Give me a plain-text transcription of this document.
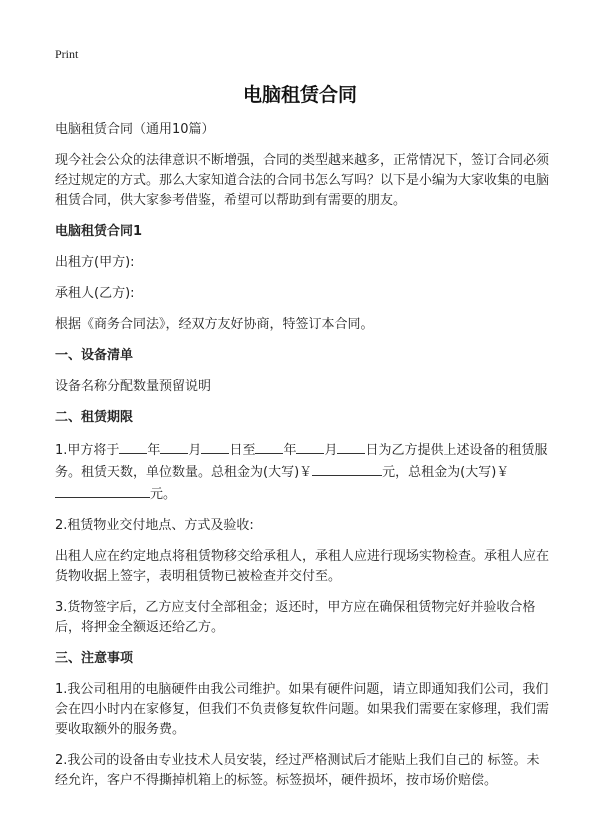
Print
电脑租赁合同

电脑租赁合同（通用10篇）

现今社会公众的法律意识不断增强，合同的类型越来越多，正常情况下，签订合同必须经过规定的方式。那么大家知道合法的合同书怎么写吗？以下是小编为大家收集的电脑租赁合同，供大家参考借鉴，希望可以帮助到有需要的朋友。

电脑租赁合同1

出租方(甲方):

承租人(乙方):

根据《商务合同法》，经双方友好协商，特签订本合同。

一、设备清单

设备名称分配数量预留说明

二、租赁期限

1.甲方将于 年 月 日至 年 月 日为乙方提供上述设备的租赁服务。租赁天数，单位数量。总租金为(大写)￥	元，总租金为(大写)￥元。

2.租赁物业交付地点、方式及验收:

出租人应在约定地点将租赁物移交给承租人，承租人应进行现场实物检查。承租人应在货物收据上签字，表明租赁物已被检查并交付至。

3.货物签字后，乙方应支付全部租金；返还时，甲方应在确保租赁物完好并验收合格后，将押金全额返还给乙方。

三、注意事项

1.我公司租用的电脑硬件由我公司维护。如果有硬件问题，请立即通知我们公司，我们会在四小时内在家修复，但我们不负责修复软件问题。如果我们需要在家修理，我们需要收取额外的服务费。

2.我公司的设备由专业技术人员安装，经过严格测试后才能贴上我们自己的 标签。未经允许，客户不得撕掉机箱上的标签。标签损坏，硬件损坏，按市场价赔偿。
